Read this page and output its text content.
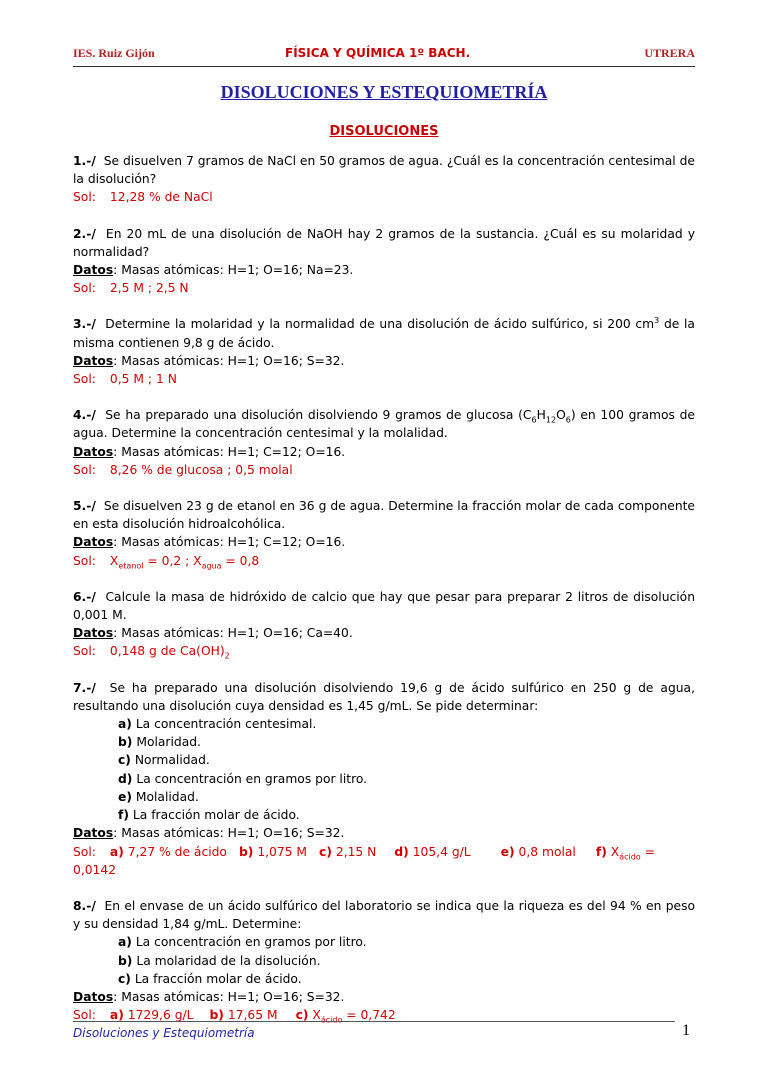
IES. Ruiz Gijón	FÍSICA Y QUÍMICA 1º BACH.	UTRERA
DISOLUCIONES Y ESTEQUIOMETRÍA
DISOLUCIONES

1.-/ Se disuelven 7 gramos de NaCl en 50 gramos de agua. ¿Cuál es la concentración centesimal de la disolución?

Sol: 12,28 % de NaCl

2.-/ En 20 mL de una disolución de NaOH hay 2 gramos de la sustancia. ¿Cuál es su molaridad y normalidad?

Datos: Masas atómicas: H=1; O=16; Na=23.

Sol: 2,5 M ; 2,5 N

3.-/ Determine la molaridad y la normalidad de una disolución de ácido sulfúrico, si 200 $cm^3$ de la misma contienen 9,8 g de ácido.

Datos: Masas atómicas: H=1; O=16; S=32.

Sol: 0,5 M ; 1 N

4.-/ Se ha preparado una disolución disolviendo 9 gramos de glucosa $(C_6H_{12}O_6)$ en 100 gramos de agua. Determine la concentración centesimal y la molalidad.

Datos: Masas atómicas: H=1; C=12; O=16.

Sol: 8,26 % de glucosa ; 0,5 molal

5.-/ Se disuelven 23 g de etanol en 36 g de agua. Determine la fracción molar de cada componente en esta disolución hidroalcohólica.

Datos: Masas atómicas: H=1; C=12; O=16.

Sol: $X_{etanol} = 0,2$ ; $X_{agua} = 0,8$

6.-/ Calcule la masa de hidróxido de calcio que hay que pesar para preparar 2 litros de disolución 0,001 M.

Datos: Masas atómicas: H=1; O=16; Ca=40.

Sol: 0,148 g de $Ca(OH)_2$

7.-/ Se ha preparado una disolución disolviendo 19,6 g de ácido sulfúrico en 250 g de agua, resultando una disolución cuya densidad es 1,45 g/mL. Se pide determinar:

a) La concentración centesimal.

b) Molaridad.

c) Normalidad.

d) La concentración en gramos por litro.

e) Molalidad.

f) La fracción molar de ácido.

Datos: Masas atómicas: H=1; O=16; S=32.

Sol: a) 7,27 % de ácido b) 1,075 M c) 2,15 N d) 105,4 g/L e) 0,8 molal f) $X_{ácido} = 0,0142$

8.-/ En el envase de un ácido sulfúrico del laboratorio se indica que la riqueza es del 94 % en peso y su densidad 1,84 g/mL. Determine:

a) La concentración en gramos por litro.

b) La molaridad de la disolución.

c) La fracción molar de ácido.

Datos: Masas atómicas: H=1; O=16; S=32.

Sol: a) 1729,6 g/L b) 17,65 M c) $X_{ácido} = 0,742$

Disoluciones y Estequiometría	1
